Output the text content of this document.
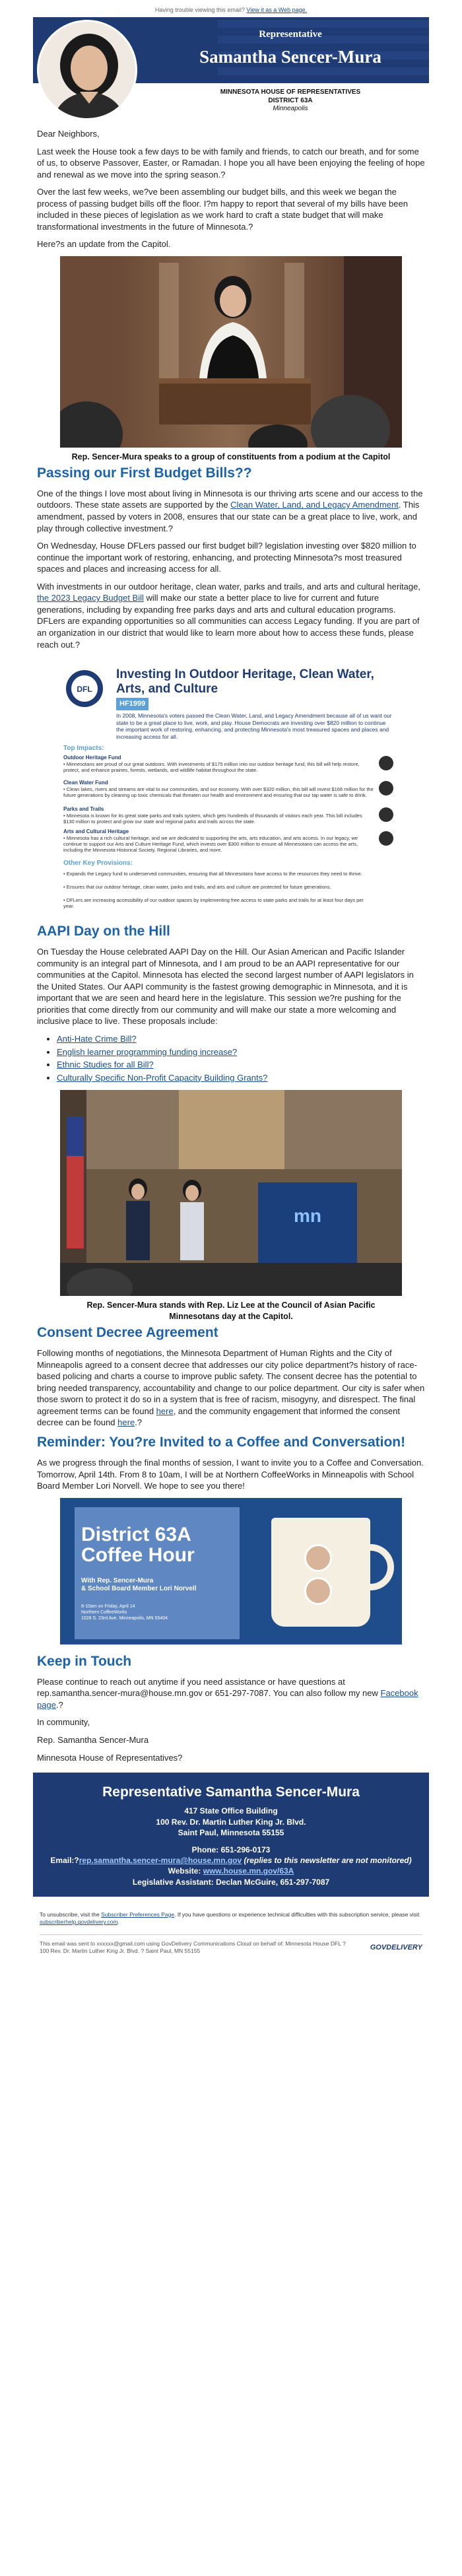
Having trouble viewing this email? View it as a Web page.
Representative
Samantha Sencer-Mura
MINNESOTA HOUSE OF REPRESENTATIVES
DISTRICT 63A
Minneapolis

Dear Neighbors,

Last week the House took a few days to be with family and friends, to catch our breath, and for some of us, to observe Passover, Easter, or Ramadan. I hope you all have been enjoying the feeling of hope and renewal as we move into the spring season.?

Over the last few weeks, we?ve been assembling our budget bills, and this week we began the process of passing budget bills off the floor. I?m happy to report that several of my bills have been included in these pieces of legislation as we work hard to craft a state budget that will make transformational investments in the future of Minnesota.?

Here?s an update from the Capitol.

Rep. Sencer-Mura speaks to a group of constituents from a podium at the Capitol
Passing our First Budget Bills??

One of the things I love most about living in Minnesota is our thriving arts scene and our access to the outdoors. These state assets are supported by the Clean Water, Land, and Legacy Amendment. This amendment, passed by voters in 2008, ensures that our state can be a great place to live, work, and play through collective investment.?

On Wednesday, House DFLers passed our first budget bill? legislation investing over $820 million to continue the important work of restoring, enhancing, and protecting Minnesota?s most treasured spaces and places and increasing access for all.

With investments in our outdoor heritage, clean water, parks and trails, and arts and cultural heritage, the 2023 Legacy Budget Bill will make our state a better place to live for current and future generations, including by expanding free parks days and arts and cultural education programs. DFLers are expanding opportunities so all communities can access Legacy funding. If you are part of an organization in our district that would like to learn more about how to access these funds, please reach out.?

DFL
Investing In Outdoor Heritage, Clean Water, Arts, and Culture
HF1999
In 2008, Minnesota's voters passed the Clean Water, Land, and Legacy Amendment because all of us want our state to be a great place to live, work, and play. House Democrats are investing over $820 million to continue the important work of restoring, enhancing, and protecting Minnesota's most treasured spaces and places and increasing access for all.
Top Impacts:
Outdoor Heritage Fund
• Minnesotans are proud of our great outdoors. With investments of $175 million into our outdoor heritage fund, this bill will help restore, protect, and enhance prairies, forests, wetlands, and wildlife habitat throughout the state.
Clean Water Fund
• Clean lakes, rivers and streams are vital to our communities, and our economy. With over $320 million, this bill will invest $168 million for the future generations by cleaning up toxic chemicals that threaten our health and environment and ensuring that our tap water is safe to drink.
Parks and Trails
• Minnesota is known for its great state parks and trails system, which gets hundreds of thousands of visitors each year. This bill includes $130 million to protect and grow our state and regional parks and trails across the state.
Arts and Cultural Heritage
• Minnesota has a rich cultural heritage, and we are dedicated to supporting the arts, arts education, and arts access. In our legacy, we continue to support our Arts and Culture Heritage Fund, which invests over $300 million to ensure all Minnesotans can access the arts, including the Minnesota Historical Society, Regional Libraries, and more.
Other Key Provisions:
• Expands the Legacy fund to underserved communities, ensuring that all Minnesotans have access to the resources they need to thrive.
• Ensures that our outdoor heritage, clean water, parks and trails, and arts and culture are protected for future generations.
• DFLers are increasing accessibility of our outdoor spaces by implementing free access to state parks and trails for at least four days per year.
AAPI Day on the Hill

On Tuesday the House celebrated AAPI Day on the Hill. Our Asian American and Pacific Islander community is an integral part of Minnesota, and I am proud to be an AAPI representative for our communities at the Capitol. Minnesota has elected the second largest number of AAPI legislators in the United States. Our AAPI community is the fastest growing demographic in Minnesota, and it is important that we are seen and heard here in the legislature. This session we?re pushing for the priorities that come directly from our community and will make our state a more welcoming and inclusive place to live. These proposals include:

• Anti-Hate Crime Bill?
• English learner programming funding increase?
• Ethnic Studies for all Bill?
• Culturally Specific Non-Profit Capacity Building Grants?
mn
Rep. Sencer-Mura stands with Rep. Liz Lee at the Council of Asian Pacific Minnesotans day at the Capitol.
Consent Decree Agreement

Following months of negotiations, the Minnesota Department of Human Rights and the City of Minneapolis agreed to a consent decree that addresses our city police department?s history of race-based policing and charts a course to improve public safety. The consent decree has the potential to bring needed transparency, accountability and change to our police department. Our city is safer when those sworn to protect it do so in a system that is free of racism, misogyny, and disrespect. The final agreement terms can be found here, and the community engagement that informed the consent decree can be found here.?

Reminder: You?re Invited to a Coffee and Conversation!

As we progress through the final months of session, I want to invite you to a Coffee and Conversation. Tomorrow, April 14th. From 8 to 10am, I will be at Northern CoffeeWorks in Minneapolis with School Board Member Lori Norvell. We hope to see you there!

District 63A
Coffee Hour
With Rep. Sencer-Mura
& School Board Member Lori Norvell
8-10am on Friday, April 14
Northern CoffeeWorks
1028 S. 23rd Ave. Minneapolis, MN 55404
Keep in Touch

Please continue to reach out anytime if you need assistance or have questions at rep.samantha.sencer-mura@house.mn.gov or 651-297-7087. You can also follow my new Facebook page.?

In community,

Rep. Samantha Sencer-Mura

Minnesota House of Representatives?

Representative Samantha Sencer-Mura
417 State Office Building
100 Rev. Dr. Martin Luther King Jr. Blvd.
Saint Paul, Minnesota 55155
Phone: 651-296-0173
Email:?rep.samantha.sencer-mura@house.mn.gov (replies to this newsletter are not monitored)
Website: www.house.mn.gov/63A
Legislative Assistant: Declan McGuire, 651-297-7087
To unsubscribe, visit the Subscriber Preferences Page. If you have questions or experience technical difficulties with this subscription service, please visit subscriberhelp.govdelivery.com.
This email was sent to xxxxxx@gmail.com using GovDelivery Communications Cloud on behalf of: Minnesota House DFL ? 100 Rev. Dr. Martin Luther King Jr. Blvd. ? Saint Paul, MN 55155	GOVDELIVERY
